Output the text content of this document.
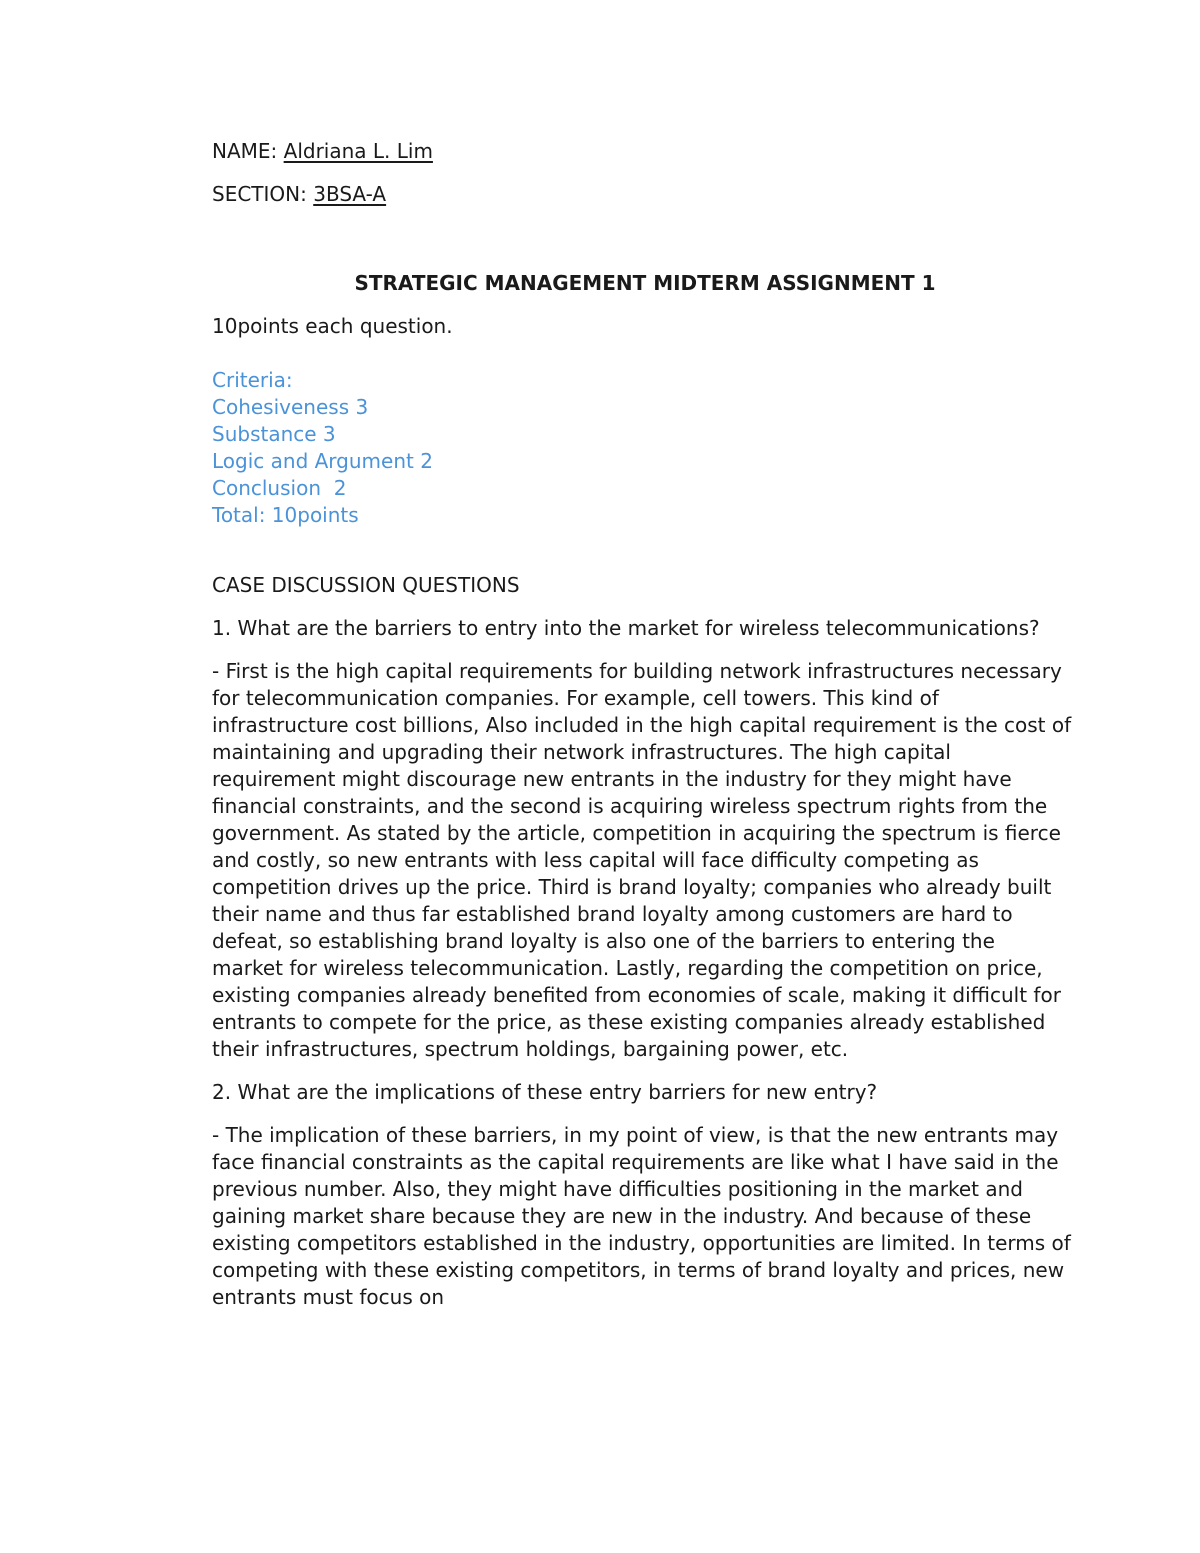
NAME: Aldriana L. Lim

SECTION: 3BSA-A

STRATEGIC MANAGEMENT MIDTERM ASSIGNMENT 1

10points each question.

Criteria:
Cohesiveness 3
Substance 3
Logic and Argument 2
Conclusion  2
Total: 10points

CASE DISCUSSION QUESTIONS

1. What are the barriers to entry into the market for wireless telecommunications?

- First is the high capital requirements for building network infrastructures necessary for telecommunication companies. For example, cell towers. This kind of infrastructure cost billions, Also included in the high capital requirement is the cost of maintaining and upgrading their network infrastructures. The high capital requirement might discourage new entrants in the industry for they might have financial constraints, and the second is acquiring wireless spectrum rights from the government. As stated by the article, competition in acquiring the spectrum is fierce and costly, so new entrants with less capital will face difficulty competing as competition drives up the price. Third is brand loyalty; companies who already built their name and thus far established brand loyalty among customers are hard to defeat, so establishing brand loyalty is also one of the barriers to entering the market for wireless telecommunication. Lastly, regarding the competition on price, existing companies already benefited from economies of scale, making it difficult for entrants to compete for the price, as these existing companies already established their infrastructures, spectrum holdings, bargaining power, etc.

2. What are the implications of these entry barriers for new entry?

- The implication of these barriers, in my point of view, is that the new entrants may face financial constraints as the capital requirements are like what I have said in the previous number. Also, they might have difficulties positioning in the market and gaining market share because they are new in the industry. And because of these existing competitors established in the industry, opportunities are limited. In terms of competing with these existing competitors, in terms of brand loyalty and prices, new entrants must focus on
